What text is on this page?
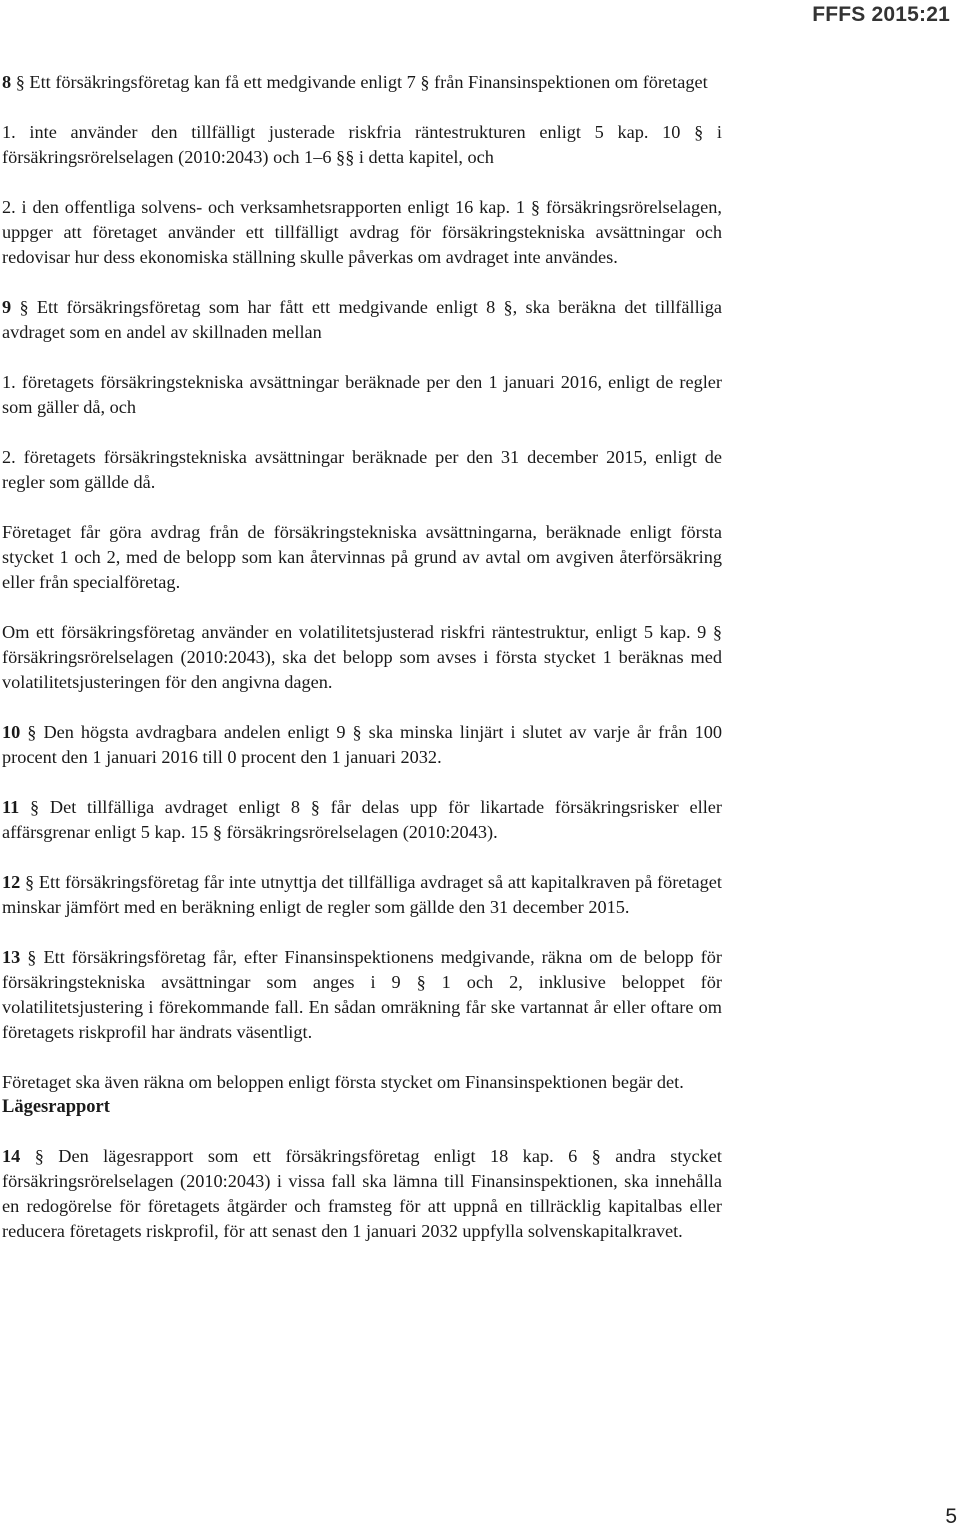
FFFS 2015:21

8 § Ett försäkringsföretag kan få ett medgivande enligt 7 § från Finansinspektionen om företaget

1. inte använder den tillfälligt justerade riskfria räntestrukturen enligt 5 kap. 10 § i försäkringsrörelselagen (2010:2043) och 1–6 §§ i detta kapitel, och

2. i den offentliga solvens- och verksamhetsrapporten enligt 16 kap. 1 § försäkringsrörelselagen, uppger att företaget använder ett tillfälligt avdrag för försäkringstekniska avsättningar och redovisar hur dess ekonomiska ställning skulle påverkas om avdraget inte användes.

9 § Ett försäkringsföretag som har fått ett medgivande enligt 8 §, ska beräkna det tillfälliga avdraget som en andel av skillnaden mellan

1. företagets försäkringstekniska avsättningar beräknade per den 1 januari 2016, enligt de regler som gäller då, och

2. företagets försäkringstekniska avsättningar beräknade per den 31 december 2015, enligt de regler som gällde då.

Företaget får göra avdrag från de försäkringstekniska avsättningarna, beräknade enligt första stycket 1 och 2, med de belopp som kan återvinnas på grund av avtal om avgiven återförsäkring eller från specialföretag.

Om ett försäkringsföretag använder en volatilitetsjusterad riskfri räntestruktur, enligt 5 kap. 9 § försäkringsrörelselagen (2010:2043), ska det belopp som avses i första stycket 1 beräknas med volatilitetsjusteringen för den angivna dagen.

10 § Den högsta avdragbara andelen enligt 9 § ska minska linjärt i slutet av varje år från 100 procent den 1 januari 2016 till 0 procent den 1 januari 2032.

11 § Det tillfälliga avdraget enligt 8 § får delas upp för likartade försäkringsrisker eller affärsgrenar enligt 5 kap. 15 § försäkringsrörelselagen (2010:2043).

12 § Ett försäkringsföretag får inte utnyttja det tillfälliga avdraget så att kapitalkraven på företaget minskar jämfört med en beräkning enligt de regler som gällde den 31 december 2015.

13 § Ett försäkringsföretag får, efter Finansinspektionens medgivande, räkna om de belopp för försäkringstekniska avsättningar som anges i 9 § 1 och 2, inklusive beloppet för volatilitetsjustering i förekommande fall. En sådan omräkning får ske vartannat år eller oftare om företagets riskprofil har ändrats väsentligt.

Företaget ska även räkna om beloppen enligt första stycket om Finansinspektionen begär det.

Lägesrapport

14 § Den lägesrapport som ett försäkringsföretag enligt 18 kap. 6 § andra stycket försäkringsrörelselagen (2010:2043) i vissa fall ska lämna till Finansinspektionen, ska innehålla en redogörelse för företagets åtgärder och framsteg för att uppnå en tillräcklig kapitalbas eller reducera företagets riskprofil, för att senast den 1 januari 2032 uppfylla solvenskapitalkravet.

5
